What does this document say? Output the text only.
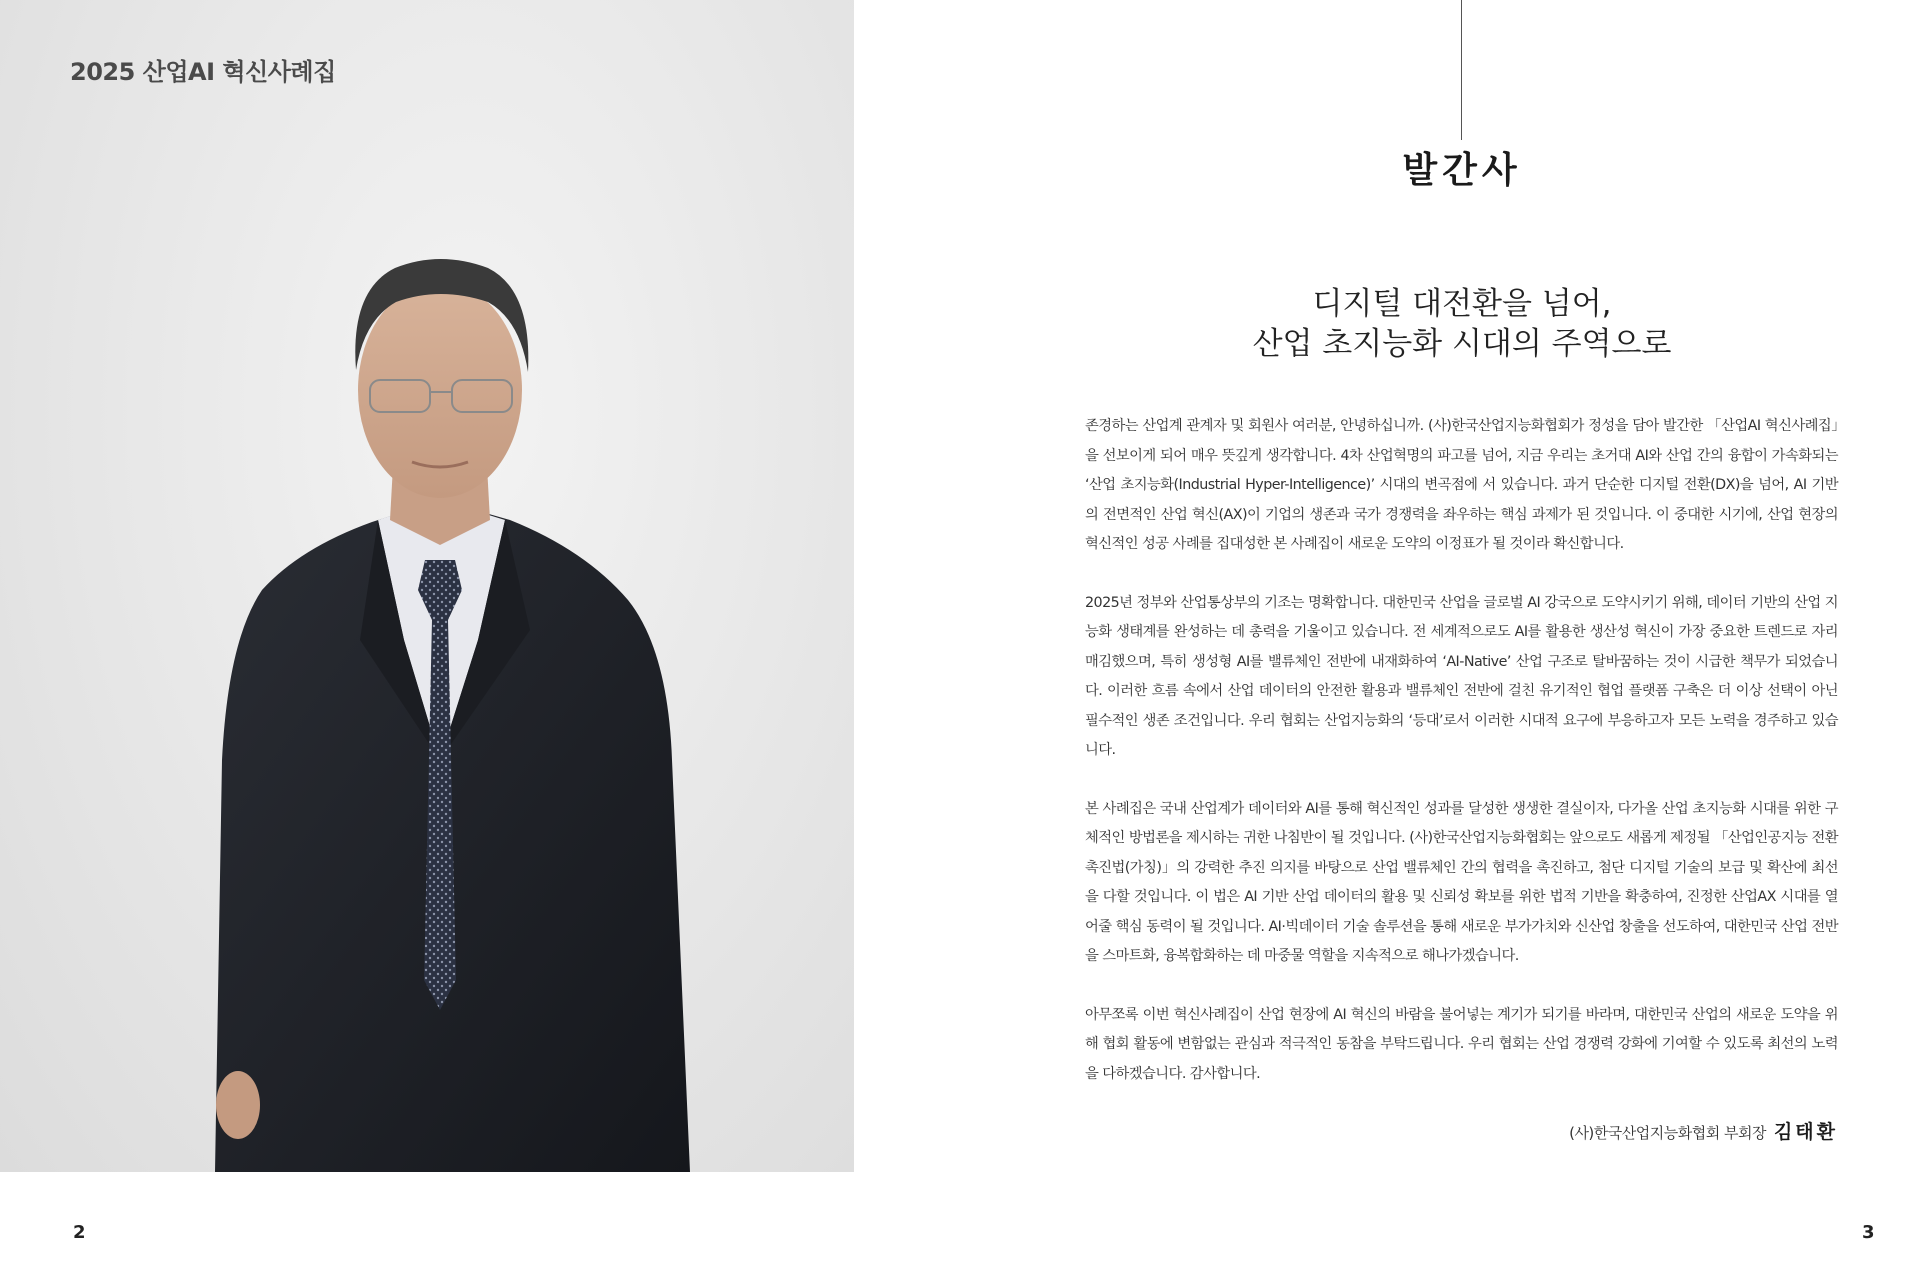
2025 산업AI 혁신사례집
2
발간사
디지털 대전환을 넘어,
산업 초지능화 시대의 주역으로

존경하는 산업계 관계자 및 회원사 여러분, 안녕하십니까. (사)한국산업지능화협회가 정성을 담아 발간한 「산업AI 혁신사례집」을 선보이게 되어 매우 뜻깊게 생각합니다. 4차 산업혁명의 파고를 넘어, 지금 우리는 초거대 AI와 산업 간의 융합이 가속화되는 ‘산업 초지능화(Industrial Hyper-Intelligence)’ 시대의 변곡점에 서 있습니다. 과거 단순한 디지털 전환(DX)을 넘어, AI 기반의 전면적인 산업 혁신(AX)이 기업의 생존과 국가 경쟁력을 좌우하는 핵심 과제가 된 것입니다. 이 중대한 시기에, 산업 현장의 혁신적인 성공 사례를 집대성한 본 사례집이 새로운 도약의 이정표가 될 것이라 확신합니다.

2025년 정부와 산업통상부의 기조는 명확합니다. 대한민국 산업을 글로벌 AI 강국으로 도약시키기 위해, 데이터 기반의 산업 지능화 생태계를 완성하는 데 총력을 기울이고 있습니다. 전 세계적으로도 AI를 활용한 생산성 혁신이 가장 중요한 트렌드로 자리매김했으며, 특히 생성형 AI를 밸류체인 전반에 내재화하여 ‘AI-Native’ 산업 구조로 탈바꿈하는 것이 시급한 책무가 되었습니다. 이러한 흐름 속에서 산업 데이터의 안전한 활용과 밸류체인 전반에 걸친 유기적인 협업 플랫폼 구축은 더 이상 선택이 아닌 필수적인 생존 조건입니다. 우리 협회는 산업지능화의 ‘등대’로서 이러한 시대적 요구에 부응하고자 모든 노력을 경주하고 있습니다.

본 사례집은 국내 산업계가 데이터와 AI를 통해 혁신적인 성과를 달성한 생생한 결실이자, 다가올 산업 초지능화 시대를 위한 구체적인 방법론을 제시하는 귀한 나침반이 될 것입니다. (사)한국산업지능화협회는 앞으로도 새롭게 제정될 「산업인공지능 전환 촉진법(가칭)」의 강력한 추진 의지를 바탕으로 산업 밸류체인 간의 협력을 촉진하고, 첨단 디지털 기술의 보급 및 확산에 최선을 다할 것입니다. 이 법은 AI 기반 산업 데이터의 활용 및 신뢰성 확보를 위한 법적 기반을 확충하여, 진정한 산업AX 시대를 열어줄 핵심 동력이 될 것입니다. AI·빅데이터 기술 솔루션을 통해 새로운 부가가치와 신산업 창출을 선도하여, 대한민국 산업 전반을 스마트화, 융복합화하는 데 마중물 역할을 지속적으로 해나가겠습니다.

아무쪼록 이번 혁신사례집이 산업 현장에 AI 혁신의 바람을 불어넣는 계기가 되기를 바라며, 대한민국 산업의 새로운 도약을 위해 협회 활동에 변함없는 관심과 적극적인 동참을 부탁드립니다. 우리 협회는 산업 경쟁력 강화에 기여할 수 있도록 최선의 노력을 다하겠습니다. 감사합니다.

(사)한국산업지능화협회 부회장 김태환
3
